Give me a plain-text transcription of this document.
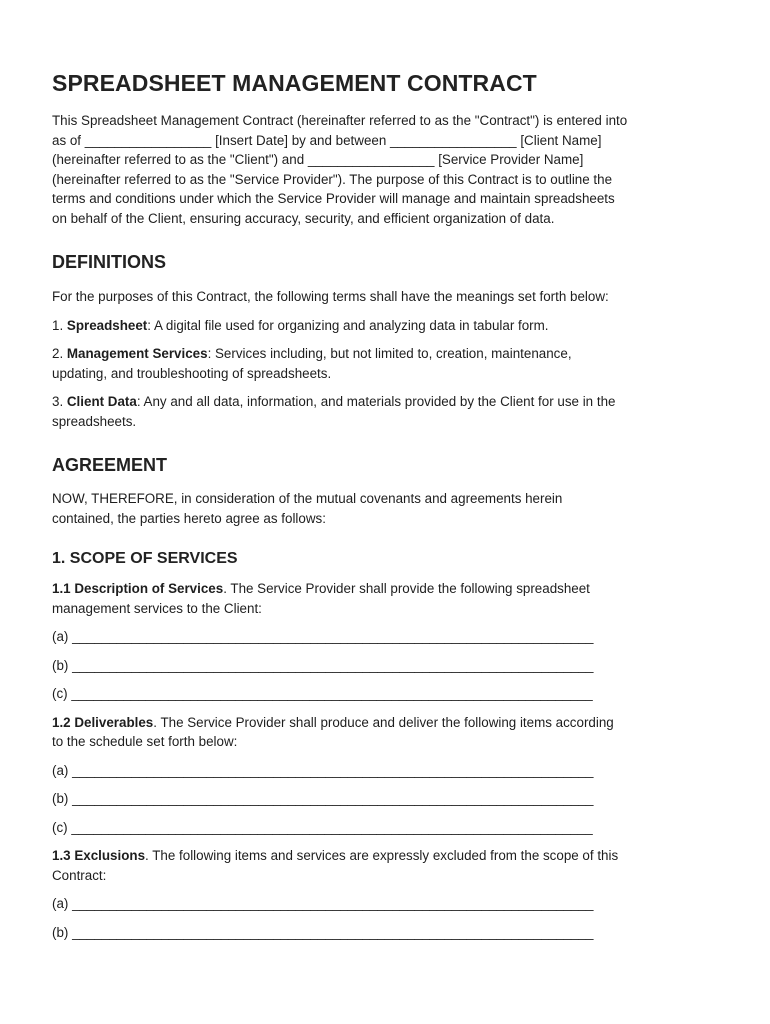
SPREADSHEET MANAGEMENT CONTRACT

This Spreadsheet Management Contract (hereinafter referred to as the "Contract") is entered into
as of _________________ [Insert Date] by and between _________________ [Client Name]
(hereinafter referred to as the "Client") and _________________ [Service Provider Name]
(hereinafter referred to as the "Service Provider"). The purpose of this Contract is to outline the
terms and conditions under which the Service Provider will manage and maintain spreadsheets
on behalf of the Client, ensuring accuracy, security, and efficient organization of data.

DEFINITIONS

For the purposes of this Contract, the following terms shall have the meanings set forth below:

1. Spreadsheet: A digital file used for organizing and analyzing data in tabular form.

2. Management Services: Services including, but not limited to, creation, maintenance,
updating, and troubleshooting of spreadsheets.

3. Client Data: Any and all data, information, and materials provided by the Client for use in the
spreadsheets.

AGREEMENT

NOW, THEREFORE, in consideration of the mutual covenants and agreements herein
contained, the parties hereto agree as follows:

1. SCOPE OF SERVICES

1.1 Description of Services. The Service Provider shall provide the following spreadsheet
management services to the Client:

(a) ______________________________________________________________________

(b) ______________________________________________________________________

(c) ______________________________________________________________________

1.2 Deliverables. The Service Provider shall produce and deliver the following items according
to the schedule set forth below:

(a) ______________________________________________________________________

(b) ______________________________________________________________________

(c) ______________________________________________________________________

1.3 Exclusions. The following items and services are expressly excluded from the scope of this
Contract:

(a) ______________________________________________________________________

(b) ______________________________________________________________________
